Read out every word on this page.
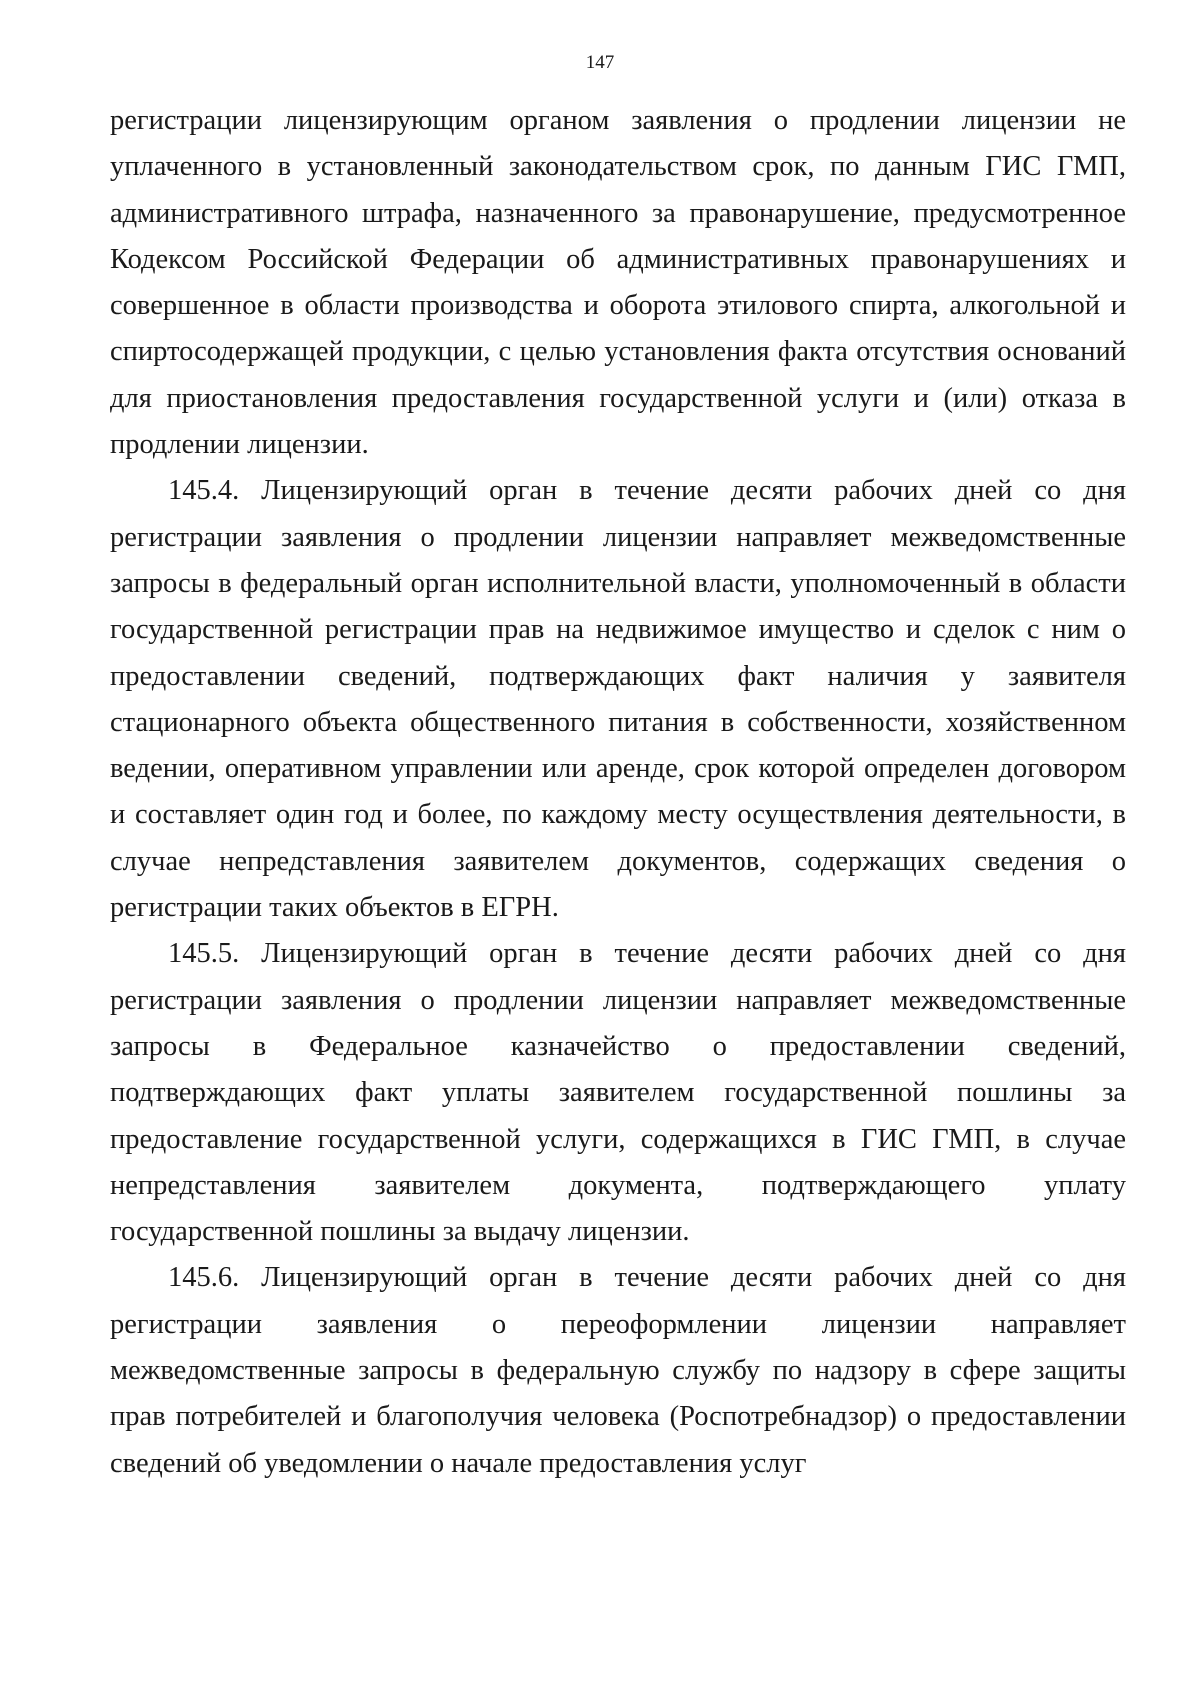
147

регистрации лицензирующим органом заявления о продлении лицензии не уплаченного в установленный законодательством срок, по данным ГИС ГМП, административного штрафа, назначенного за правонарушение, предусмотренное Кодексом Российской Федерации об административных правонарушениях и совершенное в области производства и оборота этилового спирта, алкогольной и спиртосодержащей продукции, с целью установления факта отсутствия оснований для приостановления предоставления государственной услуги и (или) отказа в продлении лицензии.

145.4. Лицензирующий орган в течение десяти рабочих дней со дня регистрации заявления о продлении лицензии направляет межведомственные запросы в федеральный орган исполнительной власти, уполномоченный в области государственной регистрации прав на недвижимое имущество и сделок с ним о предоставлении сведений, подтверждающих факт наличия у заявителя стационарного объекта общественного питания в собственности, хозяйственном ведении, оперативном управлении или аренде, срок которой определен договором и составляет один год и более, по каждому месту осуществления деятельности, в случае непредставления заявителем документов, содержащих сведения о регистрации таких объектов в ЕГРН.

145.5. Лицензирующий орган в течение десяти рабочих дней со дня регистрации заявления о продлении лицензии направляет межведомственные запросы в Федеральное казначейство о предоставлении сведений, подтверждающих факт уплаты заявителем государственной пошлины за предоставление государственной услуги, содержащихся в ГИС ГМП, в случае непредставления заявителем документа, подтверждающего уплату государственной пошлины за выдачу лицензии.

145.6. Лицензирующий орган в течение десяти рабочих дней со дня регистрации заявления о переоформлении лицензии направляет межведомственные запросы в федеральную службу по надзору в сфере защиты прав потребителей и благополучия человека (Роспотребнадзор) о предоставлении сведений об уведомлении о начале предоставления услуг
